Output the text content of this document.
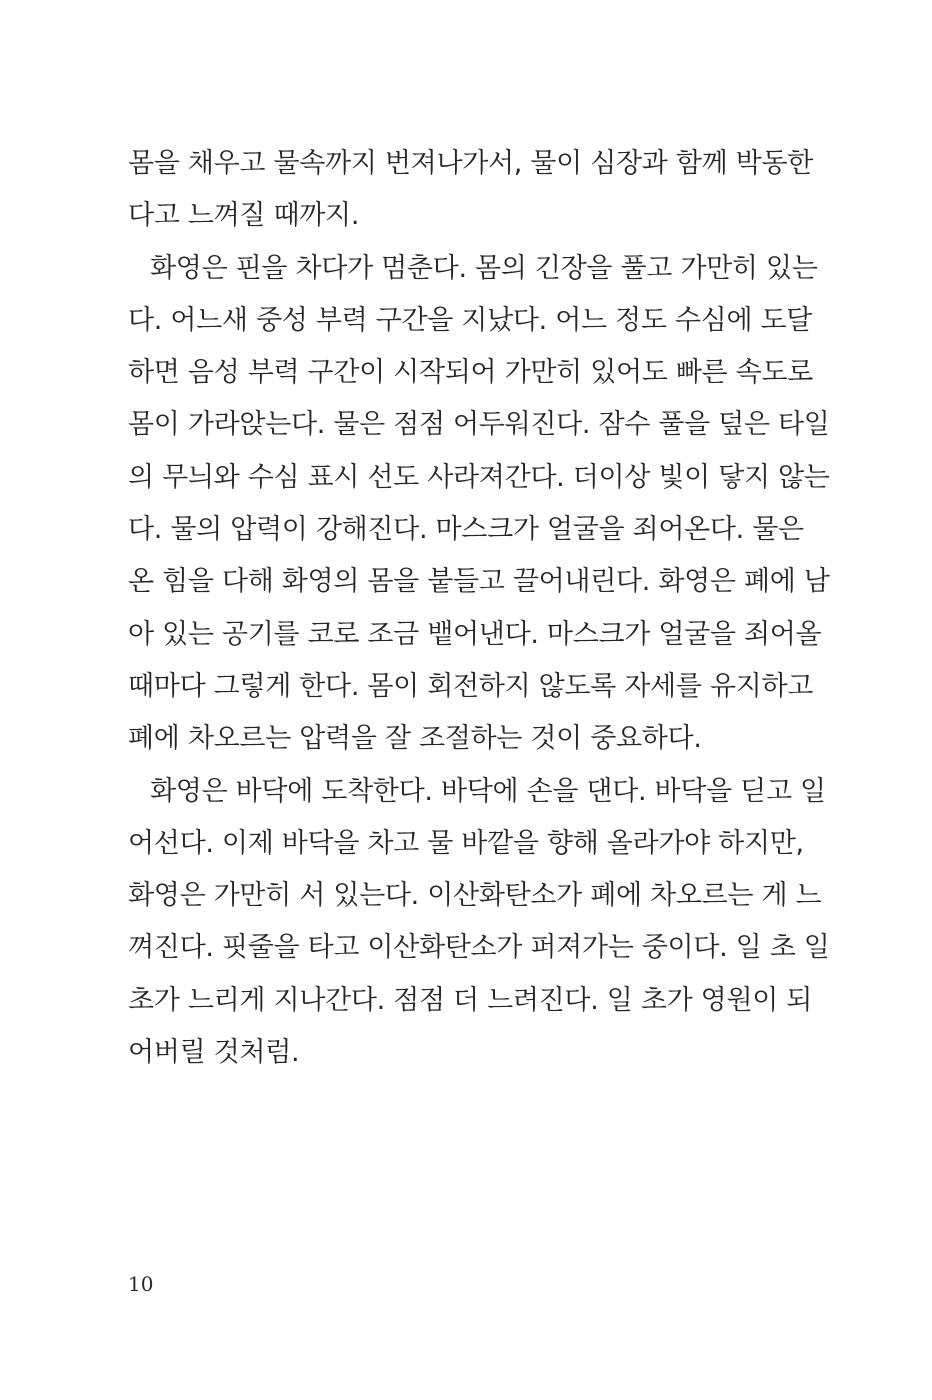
몸을 채우고 물속까지 번져나가서, 물이 심장과 함께 박동한
다고 느껴질 때까지.
화영은 핀을 차다가 멈춘다. 몸의 긴장을 풀고 가만히 있는
다. 어느새 중성 부력 구간을 지났다. 어느 정도 수심에 도달
하면 음성 부력 구간이 시작되어 가만히 있어도 빠른 속도로
몸이 가라앉는다. 물은 점점 어두워진다. 잠수 풀을 덮은 타일
의 무늬와 수심 표시 선도 사라져간다. 더이상 빛이 닿지 않는
다. 물의 압력이 강해진다. 마스크가 얼굴을 죄어온다. 물은
온 힘을 다해 화영의 몸을 붙들고 끌어내린다. 화영은 폐에 남
아 있는 공기를 코로 조금 뱉어낸다. 마스크가 얼굴을 죄어올
때마다 그렇게 한다. 몸이 회전하지 않도록 자세를 유지하고
폐에 차오르는 압력을 잘 조절하는 것이 중요하다.
화영은 바닥에 도착한다. 바닥에 손을 댄다. 바닥을 딛고 일
어선다. 이제 바닥을 차고 물 바깥을 향해 올라가야 하지만,
화영은 가만히 서 있는다. 이산화탄소가 폐에 차오르는 게 느
껴진다. 핏줄을 타고 이산화탄소가 퍼져가는 중이다. 일 초 일
초가 느리게 지나간다. 점점 더 느려진다. 일 초가 영원이 되
어버릴 것처럼.
10
